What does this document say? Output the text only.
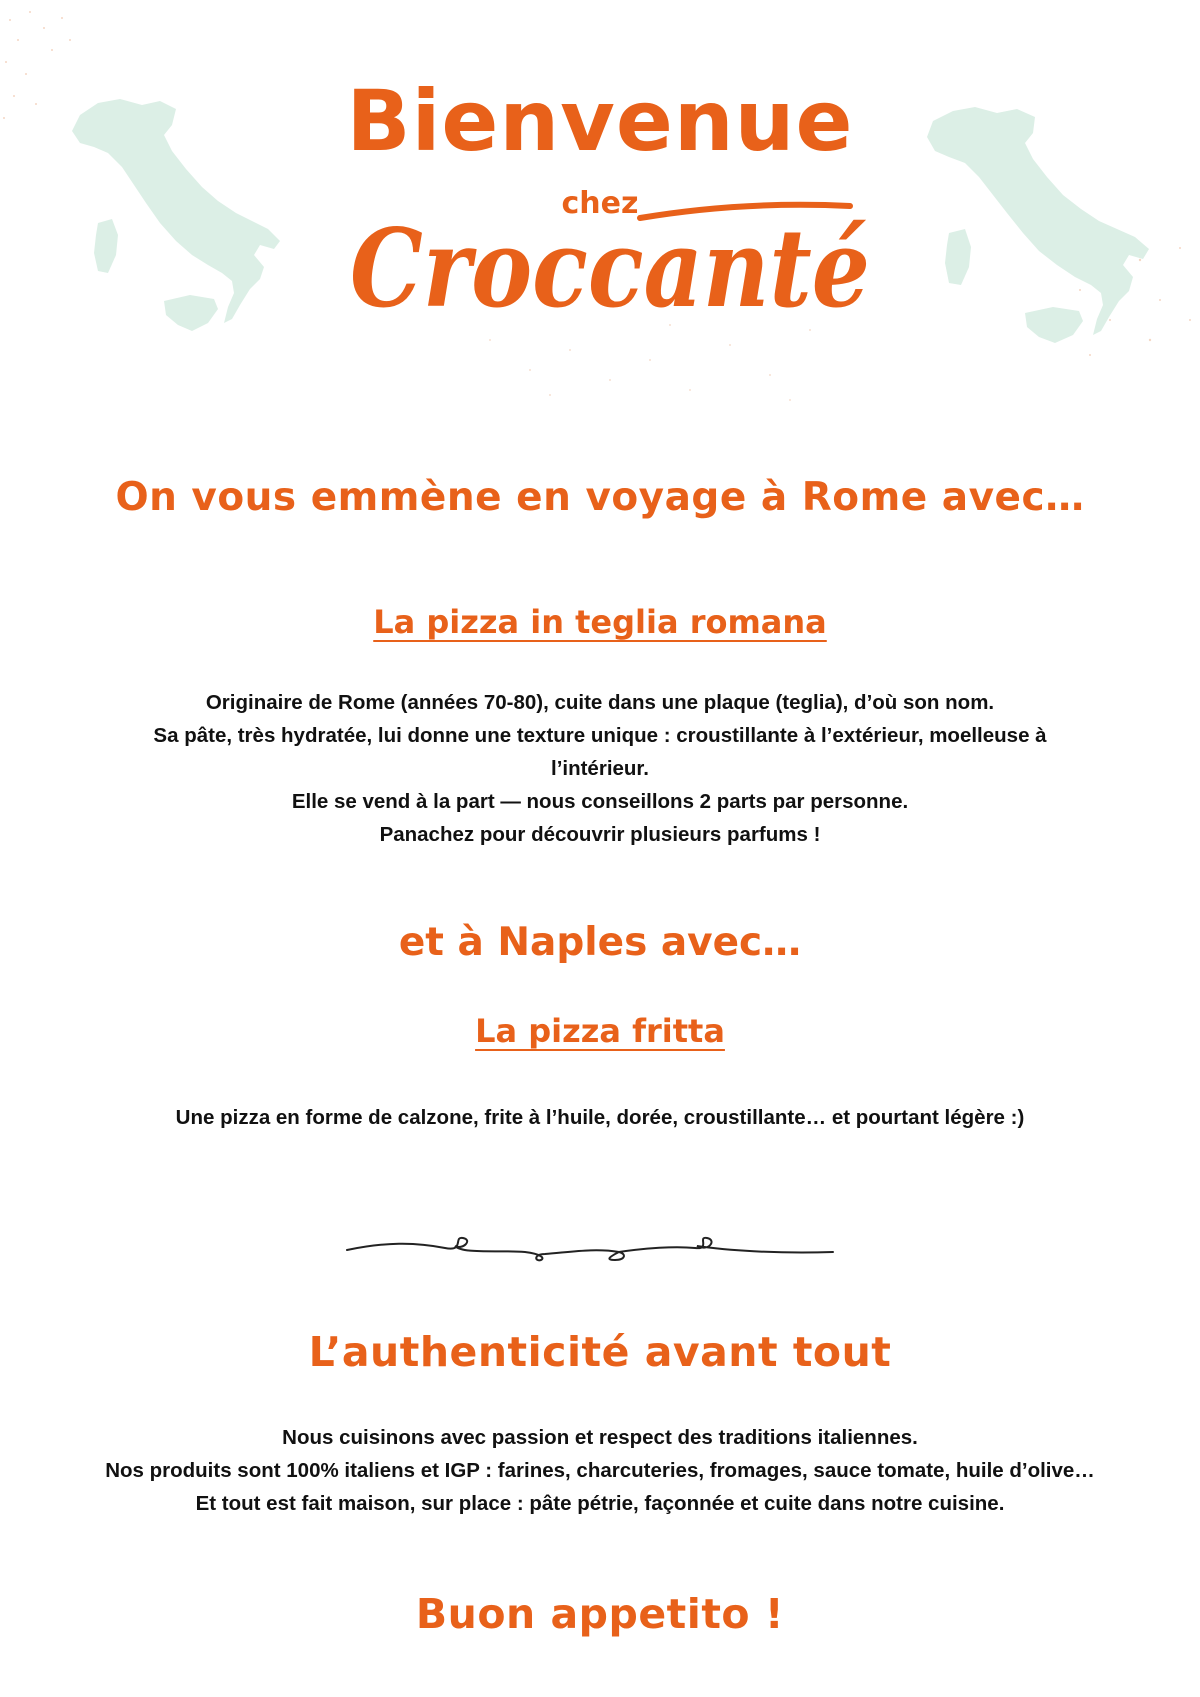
Bienvenue
chez
Croccanté
On vous emmène en voyage à Rome avec…
La pizza in teglia romana
Originaire de Rome (années 70-80), cuite dans une plaque (teglia), d’où son nom.
Sa pâte, très hydratée, lui donne une texture unique : croustillante à l’extérieur, moelleuse à
l’intérieur.
Elle se vend à la part — nous conseillons 2 parts par personne.
Panachez pour découvrir plusieurs parfums !
et à Naples avec…
La pizza fritta
Une pizza en forme de calzone, frite à l’huile, dorée, croustillante… et pourtant légère :)
L’authenticité avant tout
Nous cuisinons avec passion et respect des traditions italiennes.
Nos produits sont 100% italiens et IGP : farines, charcuteries, fromages, sauce tomate, huile d’olive…
Et tout est fait maison, sur place : pâte pétrie, façonnée et cuite dans notre cuisine.
Buon appetito !
